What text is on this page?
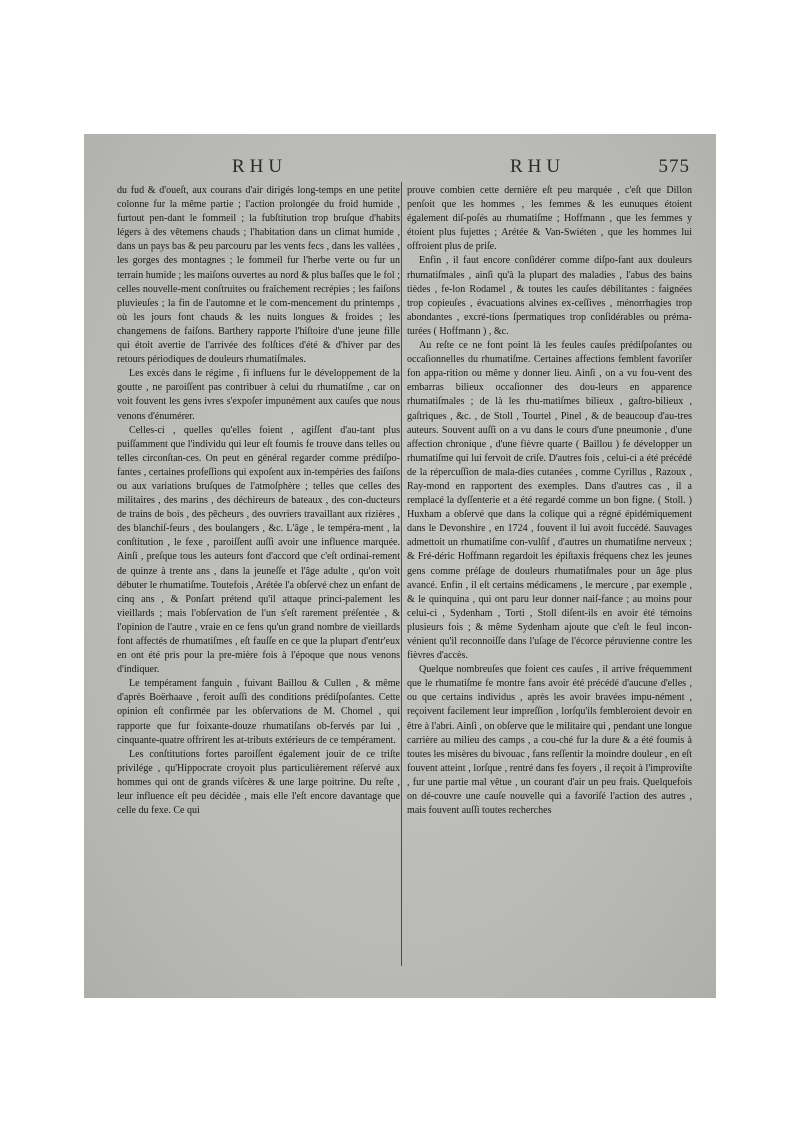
RHU	RHU	575

du fud & d'oueſt, aux courans d'air dirigés long-temps en une petite colonne fur la même partie ; l'action prolongée du froid humide , furtout pen-dant le fommeil ; la fubſtitution trop bruſque d'habits légers à des vêtemens chauds ; l'habitation dans un climat humide , dans un pays bas & peu parcouru par les vents fecs , dans les vallées , les gorges des montagnes ; le fommeil fur l'herbe verte ou fur un terrain humide ; les maiſons ouvertes au nord & plus baſſes que le fol ; celles nouvelle-ment conſtruites ou fraîchement recrépies ; les faiſons pluvieuſes ; la fin de l'automne et le com-mencement du printemps , où les jours font chauds & les nuits longues & froides ; les changemens de faiſons. Barthery rapporte l'hiſtoire d'une jeune fille qui étoit avertie de l'arrivée des folſtices d'été & d'hiver par des retours périodiques de douleurs rhumatiſmales.

Les excès dans le régime , fi influens fur le développement de la goutte , ne paroiſſent pas contribuer à celui du rhumatiſme , car on voit fouvent les gens ivres s'expoſer impunément aux cauſes que nous venons d'énumérer.

Celles-ci , quelles qu'elles foient , agiſſent d'au-tant plus puiſſamment que l'individu qui leur eſt foumis fe trouve dans telles ou telles circonſtan-ces. On peut en général regarder comme prédiſpo-fantes , certaines profeſſions qui expoſent aux in-tempéries des faiſons ou aux variations bruſques de l'atmoſphère ; telles que celles des militaires , des marins , des déchireurs de bateaux , des con-ducteurs de trains de bois , des pêcheurs , des ouvriers travaillant aux rizières , des blanchiſ-feurs , des boulangers , &c. L'âge , le tempéra-ment , la conſtitution , le fexe , paroiſſent auſſi avoir une influence marquée. Ainſi , preſque tous les auteurs font d'accord que c'eſt ordinai-rement de quinze à trente ans , dans la jeuneſſe et l'âge adulte , qu'on voit débuter le rhumatiſme. Toutefois , Arétée l'a obſervé chez un enfant de cinq ans , & Ponſart prétend qu'il attaque princi-palement les vieillards ; mais l'obſervation de l'un s'eſt rarement préſentée , & l'opinion de l'autre , vraie en ce fens qu'un grand nombre de vieillards font affectés de rhumatiſmes , eſt fauſſe en ce que la plupart d'entr'eux en ont été pris pour la pre-mière fois à l'époque que nous venons d'indiquer.

Le tempérament fanguin , fuivant Baillou & Cullen , & même d'après Boërhaave , feroit auſſi des conditions prédiſpoſantes. Cette opinion eſt confirmée par les obſervations de M. Chomel , qui rapporte que fur foixante-douze rhumatiſans ob-fervés par lui , cinquante-quatre offrirent les at-tributs extérieurs de ce tempérament.

Les conſtitutions fortes paroiſſent également jouir de ce triſte privilége , qu'Hippocrate croyoit plus particulièrement réſervé aux hommes qui ont de grands viſcères & une large poitrine. Du reſte , leur influence eſt peu décidée , mais elle l'eſt encore davantage que celle du fexe. Ce qui

prouve combien cette dernière eſt peu marquée , c'eſt que Dillon penſoit que les hommes , les femmes & les eunuques étoient également diſ-poſés au rhumatiſme ; Hoffmann , que les femmes y étoient plus fujettes ; Arétée & Van-Swiéten , que les hommes lui offroient plus de priſe.

Enfin , il faut encore conſidérer comme diſpo-fant aux douleurs rhumatiſmales , ainſi qu'à la plupart des maladies , l'abus des bains tièdes , fe-lon Rodamel , & toutes les cauſes débilitantes : faignées trop copieuſes , évacuations alvines ex-ceſſives , ménorrhagies trop abondantes , excré-tions ſpermatiques trop conſidérables ou préma-turées ( Hoffmann ) , &c.

Au reſte ce ne font point là les feules cauſes prédiſpoſantes ou occaſionnelles du rhumatiſme. Certaines affections femblent favoriſer fon appa-rition ou même y donner lieu. Ainſi , on a vu fou-vent des embarras bilieux occaſionner des dou-leurs en apparence rhumatiſmales ; de là les rhu-matiſmes bilieux , gaſtro-bilieux , gaſtriques , &c. , de Stoll , Tourtel , Pinel , & de beaucoup d'au-tres auteurs. Souvent auſſi on a vu dans le cours d'une pneumonie , d'une affection chronique , d'une fièvre quarte ( Baillou ) fe développer un rhumatiſme qui lui fervoit de criſe. D'autres fois , celui-ci a été précédé de la répercuſſion de mala-dies cutanées , comme Cyrillus , Razoux , Ray-mond en rapportent des exemples. Dans d'autres cas , il a remplacé la dyſſenterie et a été regardé comme un bon figne. ( Stoll. ) Huxham a obſervé que dans la colique qui a régné épidémiquement dans le Devonshire , en 1724 , fouvent il lui avoit fuccédé. Sauvages admettoit un rhumatiſme con-vulſif , d'autres un rhumatiſme nerveux ; & Fré-déric Hoffmann regardoit les épiſtaxis fréquens chez les jeunes gens comme préſage de douleurs rhumatiſmales pour un âge plus avancé. Enfin , il eſt certains médicamens , le mercure , par exemple , & le quinquina , qui ont paru leur donner naiſ-fance ; au moins pour celui-ci , Sydenham , Torti , Stoll diſent-ils en avoir été témoins plusieurs fois ; & même Sydenham ajoute que c'eſt le feul incon-vénient qu'il reconnoiſſe dans l'uſage de l'écorce péruvienne contre les fièvres d'accès.

Quelque nombreuſes que foient ces cauſes , il arrive fréquemment que le rhumatiſme fe montre fans avoir été précédé d'aucune d'elles , ou que certains individus , après les avoir bravées impu-nément , reçoivent facilement leur impreſſion , lorſqu'ils fembleroient devoir en être à l'abri. Ainſi , on obſerve que le militaire qui , pendant une longue carrière au milieu des camps , a cou-ché fur la dure & a été foumis à toutes les misères du bivouac , fans reſſentir la moindre douleur , en eſt fouvent atteint , lorſque , rentré dans fes foyers , il reçoit à l'improviſte , fur une partie mal vêtue , un courant d'air un peu frais. Quelquefois on dé-couvre une cauſe nouvelle qui a favoriſé l'action des autres , mais fouvent auſſi toutes recherches
